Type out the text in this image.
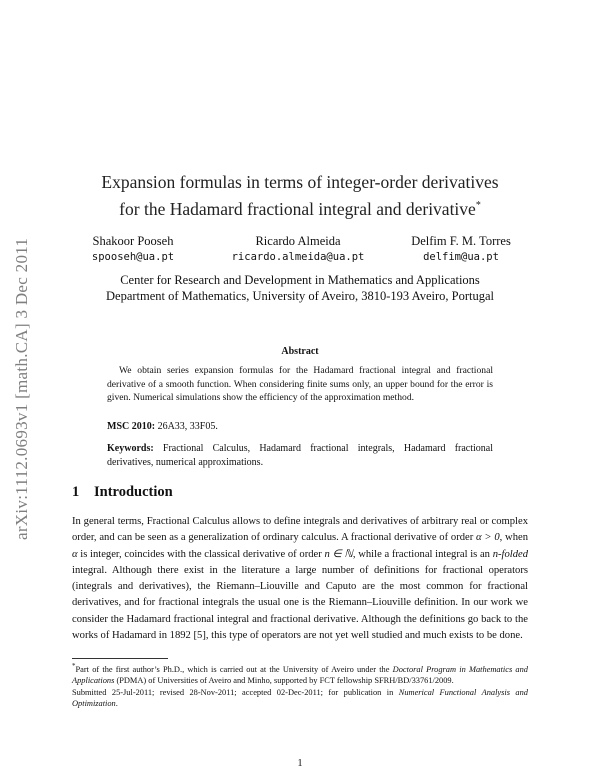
arXiv:1112.0693v1 [math.CA] 3 Dec 2011
Expansion formulas in terms of integer-order derivatives
for the Hadamard fractional integral and derivative*
Shakoor Pooseh
spooseh@ua.pt
Ricardo Almeida
ricardo.almeida@ua.pt
Delfim F. M. Torres
delfim@ua.pt
Center for Research and Development in Mathematics and Applications
Department of Mathematics, University of Aveiro, 3810-193 Aveiro, Portugal
Abstract
We obtain series expansion formulas for the Hadamard fractional integral and fractional derivative of a smooth function. When considering finite sums only, an upper bound for the error is given. Numerical simulations show the efficiency of the approximation method.
MSC 2010: 26A33, 33F05.
Keywords: Fractional Calculus, Hadamard fractional integrals, Hadamard fractional derivatives, numerical approximations.
1 Introduction
In general terms, Fractional Calculus allows to define integrals and derivatives of arbitrary real or complex order, and can be seen as a generalization of ordinary calculus. A fractional derivative of order α > 0, when α is integer, coincides with the classical derivative of order n ∈ ℕ, while a fractional integral is an n-folded integral. Although there exist in the literature a large number of definitions for fractional operators (integrals and derivatives), the Riemann–Liouville and Caputo are the most common for fractional derivatives, and for fractional integrals the usual one is the Riemann–Liouville definition. In our work we consider the Hadamard fractional integral and fractional derivative. Although the definitions go back to the works of Hadamard in 1892 [5], this type of operators are not yet well studied and much exists to be done.

*Part of the first author’s Ph.D., which is carried out at the University of Aveiro under the Doctoral Program in Mathematics and Applications (PDMA) of Universities of Aveiro and Minho, supported by FCT fellowship SFRH/BD/33761/2009.

Submitted 25-Jul-2011; revised 28-Nov-2011; accepted 02-Dec-2011; for publication in Numerical Functional Analysis and Optimization.

1
